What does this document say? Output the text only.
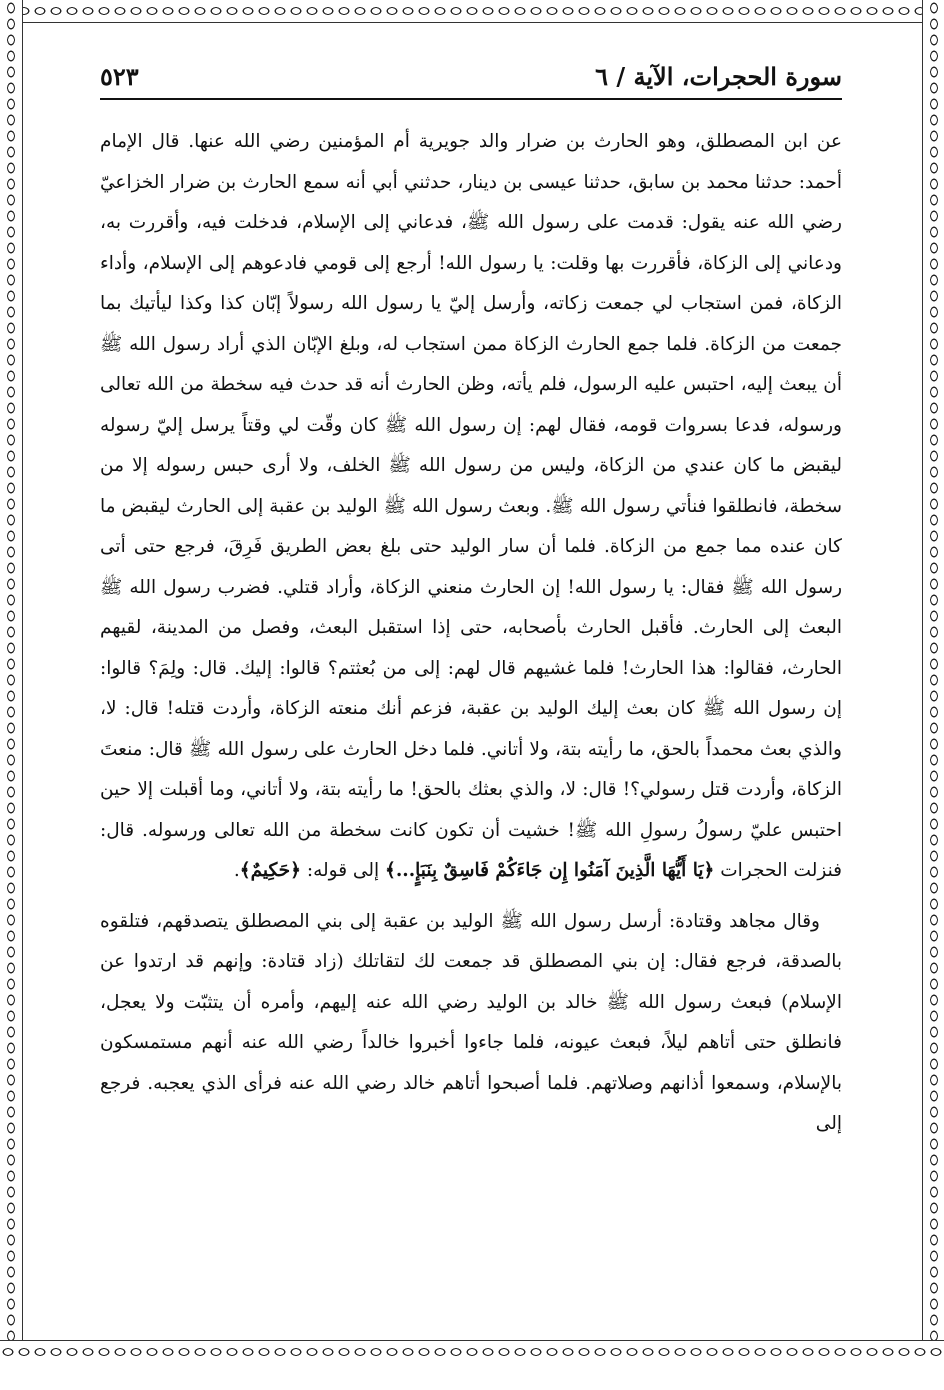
سورة الحجرات، الآية / ٦
٥٢٣

عن ابن المصطلق، وهو الحارث بن ضرار والد جويرية أم المؤمنين رضي الله عنها. قال الإمام أحمد: حدثنا محمد بن سابق، حدثنا عيسى بن دينار، حدثني أبي أنه سمع الحارث بن ضرار الخزاعيّ رضي الله عنه يقول: قدمت على رسول الله ﷺ، فدعاني إلى الإسلام، فدخلت فيه، وأقررت به، ودعاني إلى الزكاة، فأقررت بها وقلت: يا رسول الله! أرجع إلى قومي فادعوهم إلى الإسلام، وأداء الزكاة، فمن استجاب لي جمعت زكاته، وأرسل إليّ يا رسول الله رسولاً إبّان كذا وكذا ليأتيك بما جمعت من الزكاة. فلما جمع الحارث الزكاة ممن استجاب له، وبلغ الإبّان الذي أراد رسول الله ﷺ أن يبعث إليه، احتبس عليه الرسول، فلم يأته، وظن الحارث أنه قد حدث فيه سخطة من الله تعالى ورسوله، فدعا بسروات قومه، فقال لهم: إن رسول الله ﷺ كان وقّت لي وقتاً يرسل إليّ رسوله ليقبض ما كان عندي من الزكاة، وليس من رسول الله ﷺ الخلف، ولا أرى حبس رسوله إلا من سخطة، فانطلقوا فنأتي رسول الله ﷺ. وبعث رسول الله ﷺ الوليد بن عقبة إلى الحارث ليقبض ما كان عنده مما جمع من الزكاة. فلما أن سار الوليد حتى بلغ بعض الطريق فَرِقَ، فرجع حتى أتى رسول الله ﷺ فقال: يا رسول الله! إن الحارث منعني الزكاة، وأراد قتلي. فضرب رسول الله ﷺ البعث إلى الحارث. فأقبل الحارث بأصحابه، حتى إذا استقبل البعث، وفصل من المدينة، لقيهم الحارث، فقالوا: هذا الحارث! فلما غشيهم قال لهم: إلى من بُعثتم؟ قالوا: إليك. قال: ولِمَ؟ قالوا: إن رسول الله ﷺ كان بعث إليك الوليد بن عقبة، فزعم أنك منعته الزكاة، وأردت قتله! قال: لا، والذي بعث محمداً بالحق، ما رأيته بتة، ولا أتاني. فلما دخل الحارث على رسول الله ﷺ قال: منعتَ الزكاة، وأردت قتل رسولي؟! قال: لا، والذي بعثك بالحق! ما رأيته بتة، ولا أتاني، وما أقبلت إلا حين احتبس عليّ رسولُ رسولِ الله ﷺ! خشيت أن تكون كانت سخطة من الله تعالى ورسوله. قال: فنزلت الحجرات ﴿يَا أَيُّهَا الَّذِينَ آمَنُوا إِن جَاءَكُمْ فَاسِقٌ بِنَبَإٍ...﴾ إلى قوله: ﴿حَكِيمٌ﴾.

وقال مجاهد وقتادة: أرسل رسول الله ﷺ الوليد بن عقبة إلى بني المصطلق يتصدقهم، فتلقوه بالصدقة، فرجع فقال: إن بني المصطلق قد جمعت لك لتقاتلك (زاد قتادة: وإنهم قد ارتدوا عن الإسلام) فبعث رسول الله ﷺ خالد بن الوليد رضي الله عنه إليهم، وأمره أن يتثبّت ولا يعجل، فانطلق حتى أتاهم ليلاً، فبعث عيونه، فلما جاءوا أخبروا خالداً رضي الله عنه أنهم مستمسكون بالإسلام، وسمعوا أذانهم وصلاتهم. فلما أصبحوا أتاهم خالد رضي الله عنه فرأى الذي يعجبه. فرجع إلى
